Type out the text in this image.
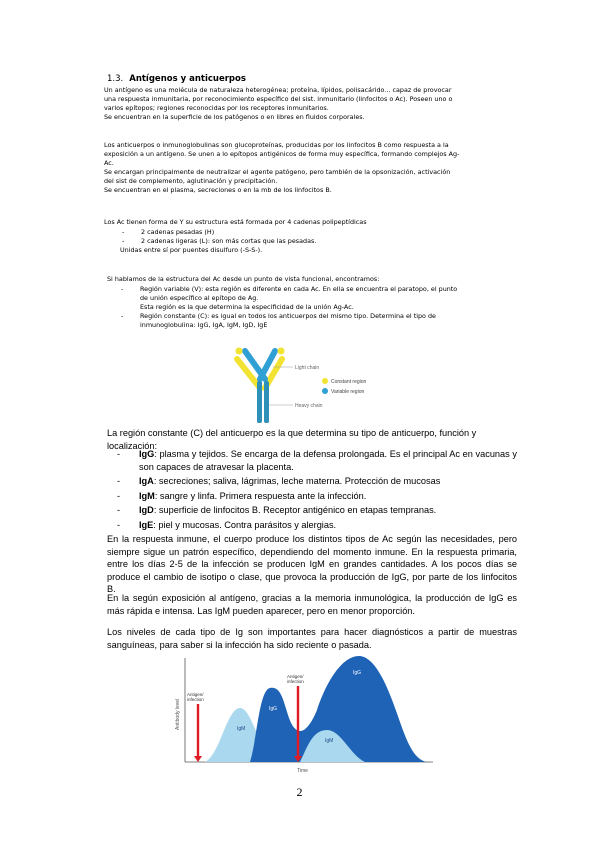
1.3. Antígenos y anticuerpos
Un antígeno es una molécula de naturaleza heterogénea; proteína, lípidos, polisacárido... capaz de provocar
una respuesta inmunitaria, por reconocimiento específico del sist. inmunitario (linfocitos o Ac). Poseen uno o
varios epítopos; regiones reconocidas por los receptores inmunitarios.
Se encuentran en la superficie de los patógenos o en libres en fluidos corporales.
Los anticuerpos o inmunoglobulinas son glucoproteínas, producidas por los linfocitos B como respuesta a la
exposición a un antígeno. Se unen a lo epítopos antigénicos de forma muy específica, formando complejos Ag-
Ac.
Se encargan principalmente de neutralizar el agente patógeno, pero también de la opsonización, activación
del sist de complemento, aglutinación y precipitación.
Se encuentran en el plasma, secreciones o en la mb de los linfocitos B.
Los Ac tienen forma de Y su estructura está formada por 4 cadenas polipeptídicas
- 2 cadenas pesadas (H)
- 2 cadenas ligeras (L): son más cortas que las pesadas.
Unidas entre sí por puentes disulfuro (-S-S-).
Si hablamos de la estructura del Ac desde un punto de vista funcional, encontramos:
- Región variable (V): esta región es diferente en cada Ac. En ella se encuentra el paratopo, el punto
de unión específico al epítopo de Ag.
Esta región es la que determina la especificidad de la unión Ag-Ac.
- Región constante (C): es igual en todos los anticuerpos del mismo tipo. Determina el tipo de
inmunoglobulina: IgG, IgA, IgM, IgD, IgE
Light chain
Heavy chain
Constant region
Variable region
La región constante (C) del anticuerpo es la que determina su tipo de anticuerpo, función y localización:
- IgG: plasma y tejidos. Se encarga de la defensa prolongada. Es el principal Ac en vacunas y son capaces de atravesar la placenta.
- IgA: secreciones; saliva, lágrimas, leche materna. Protección de mucosas
- IgM: sangre y linfa. Primera respuesta ante la infección.
- IgD: superficie de linfocitos B. Receptor antigénico en etapas tempranas.
- IgE: piel y mucosas. Contra parásitos y alergias.
En la respuesta inmune, el cuerpo produce los distintos tipos de Ac según las necesidades, pero siempre sigue un patrón específico, dependiendo del momento inmune. En la respuesta primaria, entre los días 2-5 de la infección se producen IgM en grandes cantidades. A los pocos días se produce el cambio de isotipo o clase, que provoca la producción de IgG, por parte de los linfocitos B.
En la según exposición al antígeno, gracias a la memoria inmunológica, la producción de IgG es más rápida e intensa. Las IgM pueden aparecer, pero en menor proporción.
Los niveles de cada tipo de Ig son importantes para hacer diagnósticos a partir de muestras sanguíneas, para saber si la infección ha sido reciente o pasada.
Antibody level
Time
IgM
IgG
IgM
IgG
Antigen/
infection
Antigen/
infection
2
